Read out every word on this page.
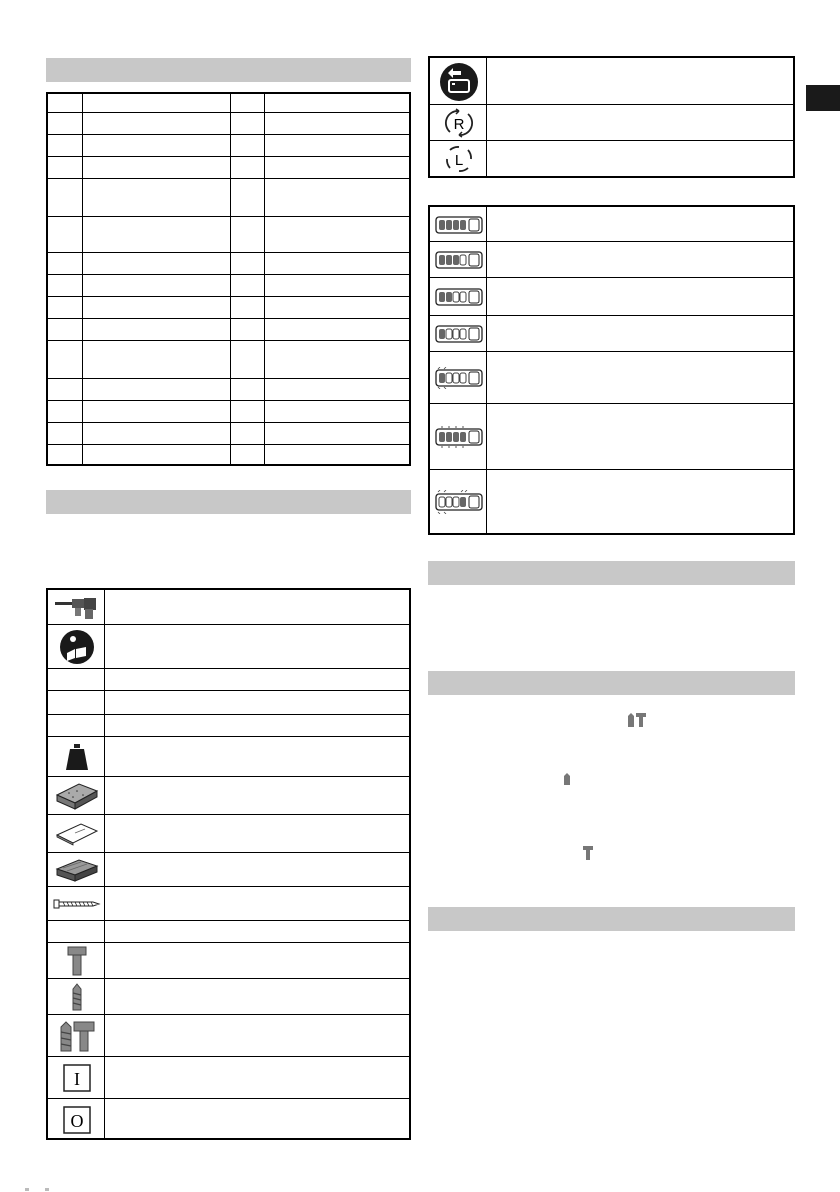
I
O
R
L
